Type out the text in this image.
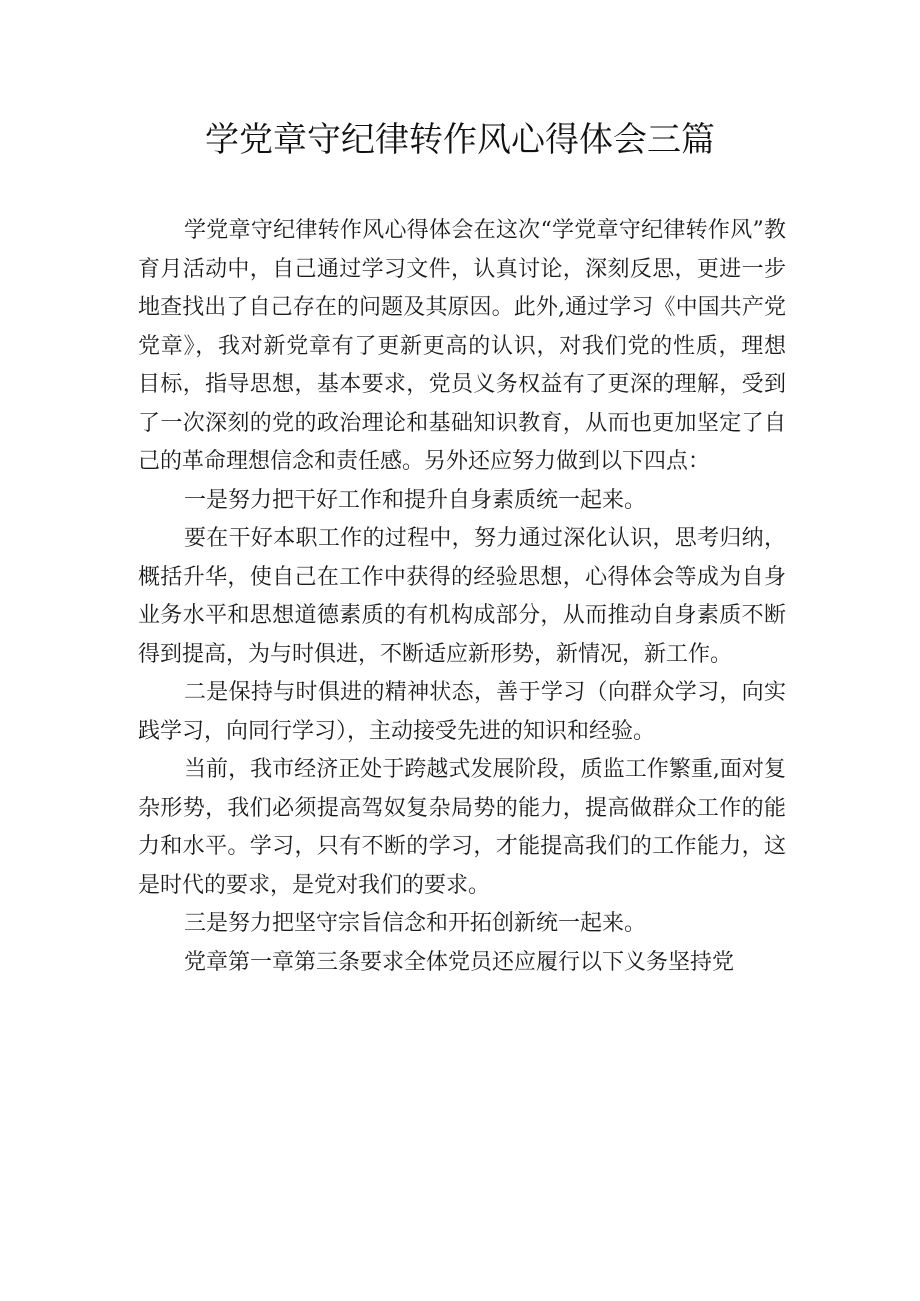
学党章守纪律转作风心得体会三篇

学党章守纪律转作风心得体会在这次“学党章守纪律转作风”教育月活动中，自己通过学习文件，认真讨论，深刻反思，更进一步地查找出了自己存在的问题及其原因。此外,通过学习《中国共产党党章》，我对新党章有了更新更高的认识，对我们党的性质，理想目标，指导思想，基本要求，党员义务权益有了更深的理解，受到了一次深刻的党的政治理论和基础知识教育，从而也更加坚定了自己的革命理想信念和责任感。另外还应努力做到以下四点：

一是努力把干好工作和提升自身素质统一起来。

要在干好本职工作的过程中，努力通过深化认识，思考归纳，概括升华，使自己在工作中获得的经验思想，心得体会等成为自身业务水平和思想道德素质的有机构成部分，从而推动自身素质不断得到提高，为与时俱进，不断适应新形势，新情况，新工作。

二是保持与时俱进的精神状态，善于学习（向群众学习，向实践学习，向同行学习），主动接受先进的知识和经验。

当前，我市经济正处于跨越式发展阶段，质监工作繁重,面对复杂形势，我们必须提高驾奴复杂局势的能力，提高做群众工作的能力和水平。学习，只有不断的学习，才能提高我们的工作能力，这是时代的要求，是党对我们的要求。

三是努力把坚守宗旨信念和开拓创新统一起来。

党章第一章第三条要求全体党员还应履行以下义务坚持党
